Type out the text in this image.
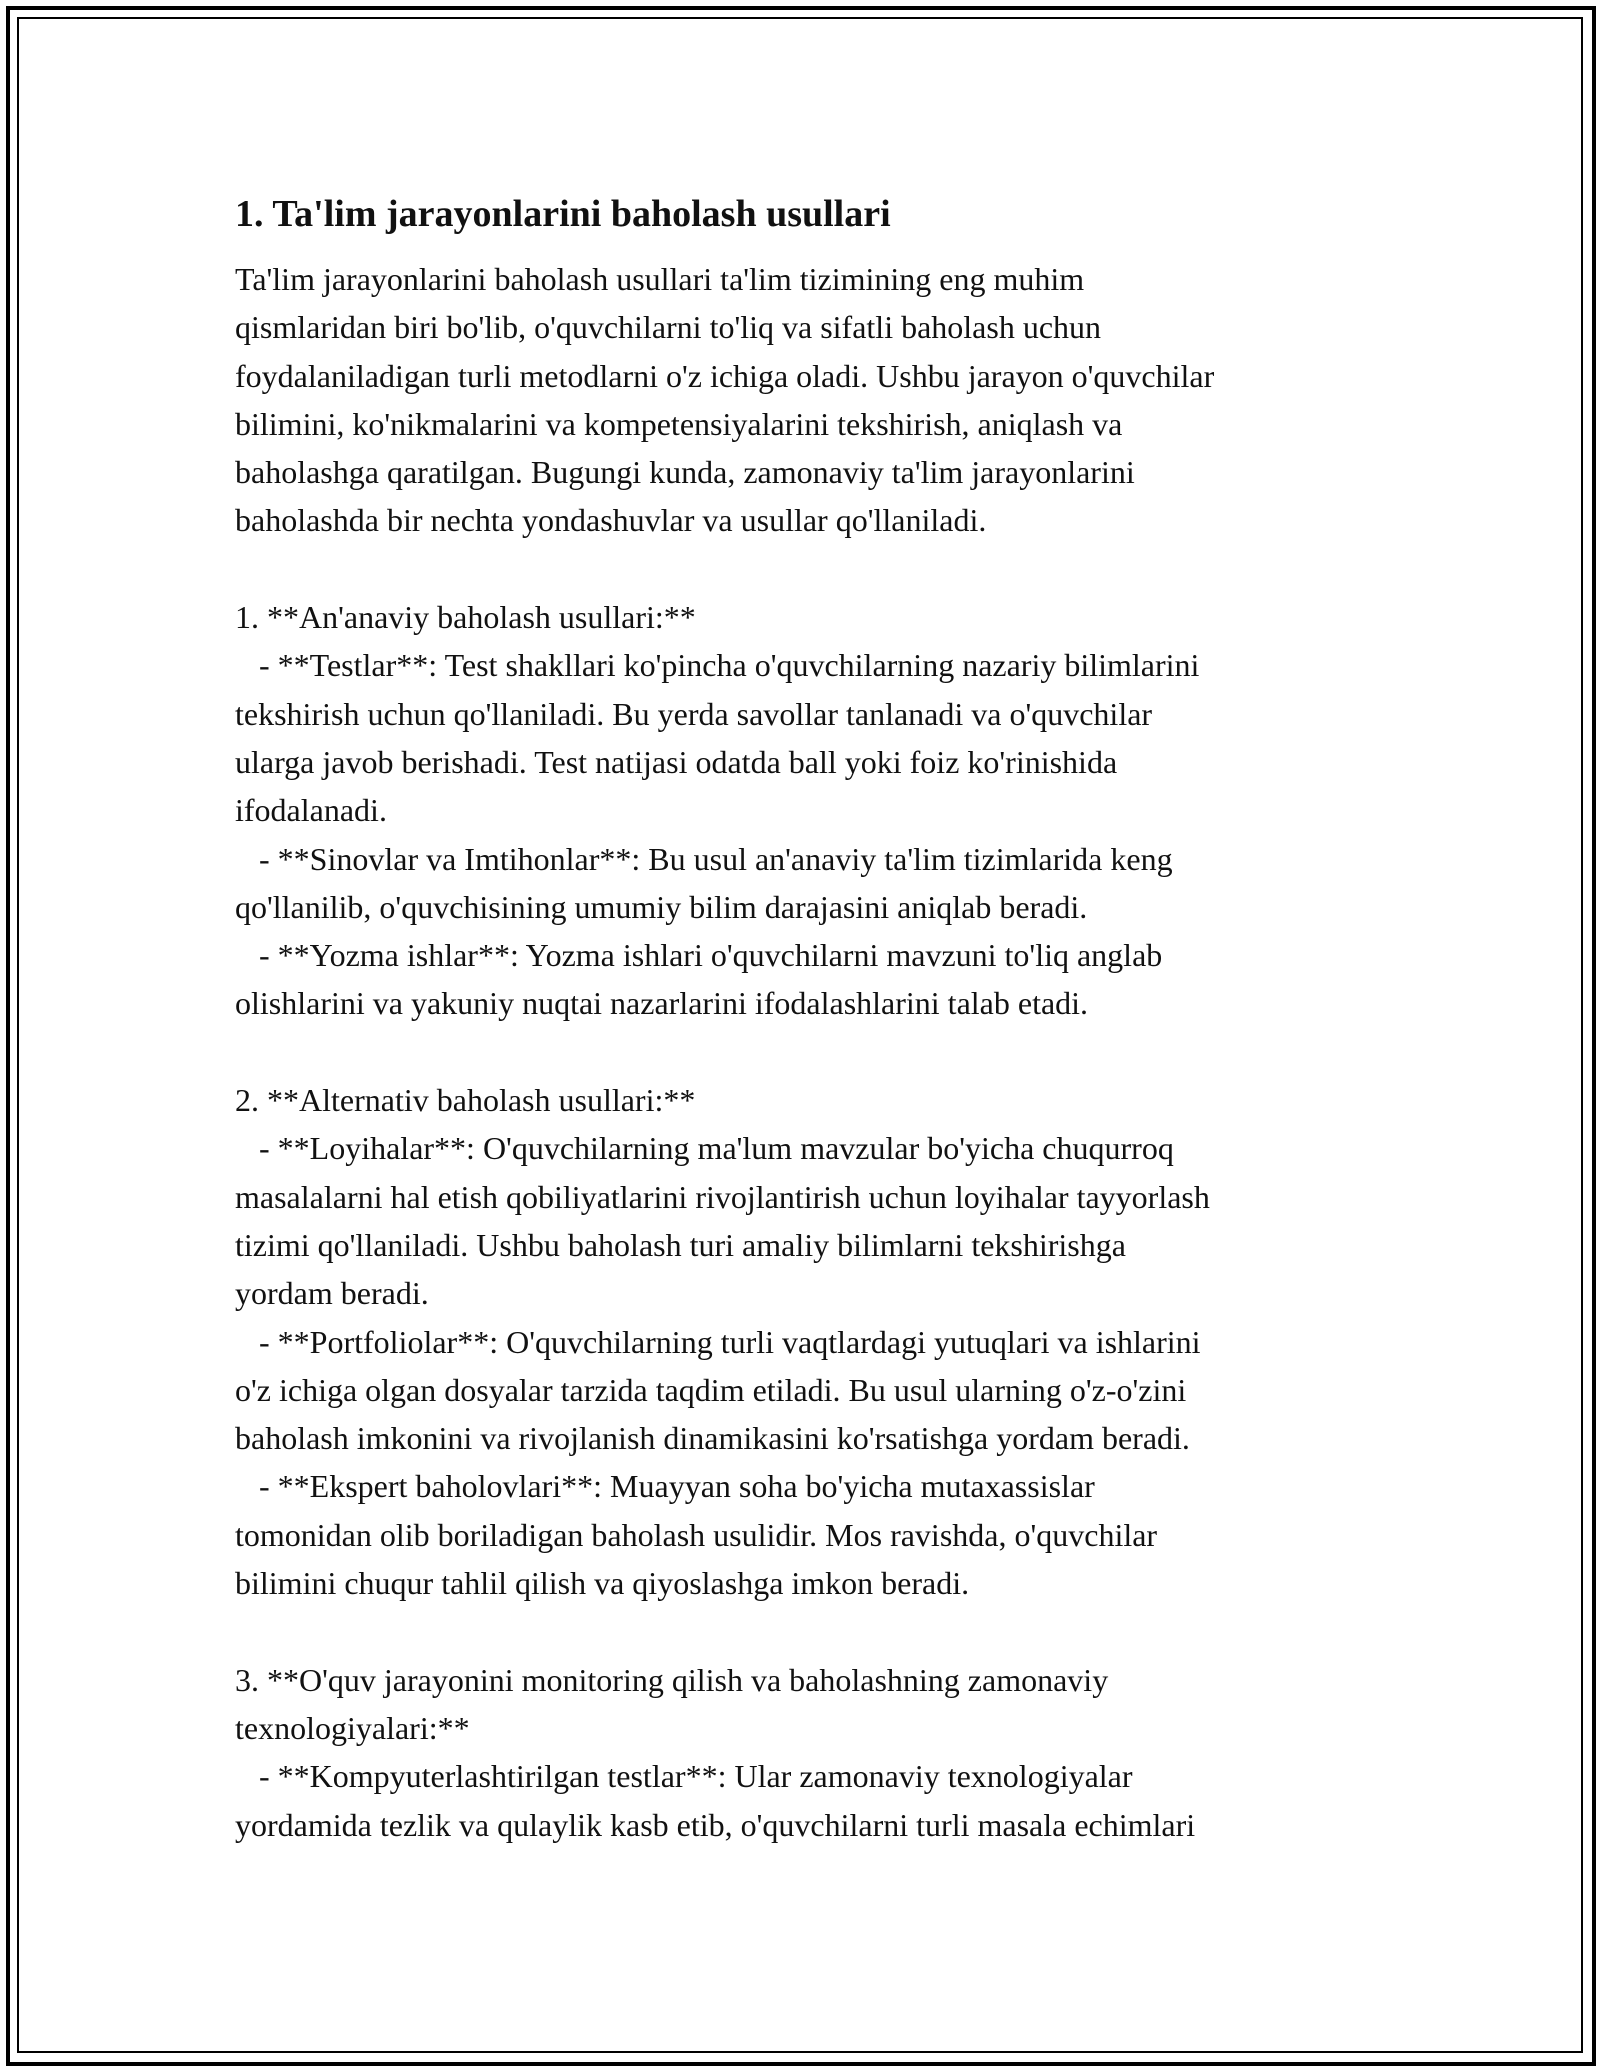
1. Ta'lim jarayonlarini baholash usullari
Ta'lim jarayonlarini baholash usullari ta'lim tizimining eng muhim
qismlaridan biri bo'lib, o'quvchilarni to'liq va sifatli baholash uchun
foydalaniladigan turli metodlarni o'z ichiga oladi. Ushbu jarayon o'quvchilar
bilimini, ko'nikmalarini va kompetensiyalarini tekshirish, aniqlash va
baholashga qaratilgan. Bugungi kunda, zamonaviy ta'lim jarayonlarini
baholashda bir nechta yondashuvlar va usullar qo'llaniladi.
1. **An'anaviy baholash usullari:**
- **Testlar**: Test shakllari ko'pincha o'quvchilarning nazariy bilimlarini
tekshirish uchun qo'llaniladi. Bu yerda savollar tanlanadi va o'quvchilar
ularga javob berishadi. Test natijasi odatda ball yoki foiz ko'rinishida
ifodalanadi.
- **Sinovlar va Imtihonlar**: Bu usul an'anaviy ta'lim tizimlarida keng
qo'llanilib, o'quvchisining umumiy bilim darajasini aniqlab beradi.
- **Yozma ishlar**: Yozma ishlari o'quvchilarni mavzuni to'liq anglab
olishlarini va yakuniy nuqtai nazarlarini ifodalashlarini talab etadi.
2. **Alternativ baholash usullari:**
- **Loyihalar**: O'quvchilarning ma'lum mavzular bo'yicha chuqurroq
masalalarni hal etish qobiliyatlarini rivojlantirish uchun loyihalar tayyorlash
tizimi qo'llaniladi. Ushbu baholash turi amaliy bilimlarni tekshirishga
yordam beradi.
- **Portfoliolar**: O'quvchilarning turli vaqtlardagi yutuqlari va ishlarini
o'z ichiga olgan dosyalar tarzida taqdim etiladi. Bu usul ularning o'z-o'zini
baholash imkonini va rivojlanish dinamikasini ko'rsatishga yordam beradi.
- **Ekspert baholovlari**: Muayyan soha bo'yicha mutaxassislar
tomonidan olib boriladigan baholash usulidir. Mos ravishda, o'quvchilar
bilimini chuqur tahlil qilish va qiyoslashga imkon beradi.
3. **O'quv jarayonini monitoring qilish va baholashning zamonaviy
texnologiyalari:**
- **Kompyuterlashtirilgan testlar**: Ular zamonaviy texnologiyalar
yordamida tezlik va qulaylik kasb etib, o'quvchilarni turli masala echimlari
